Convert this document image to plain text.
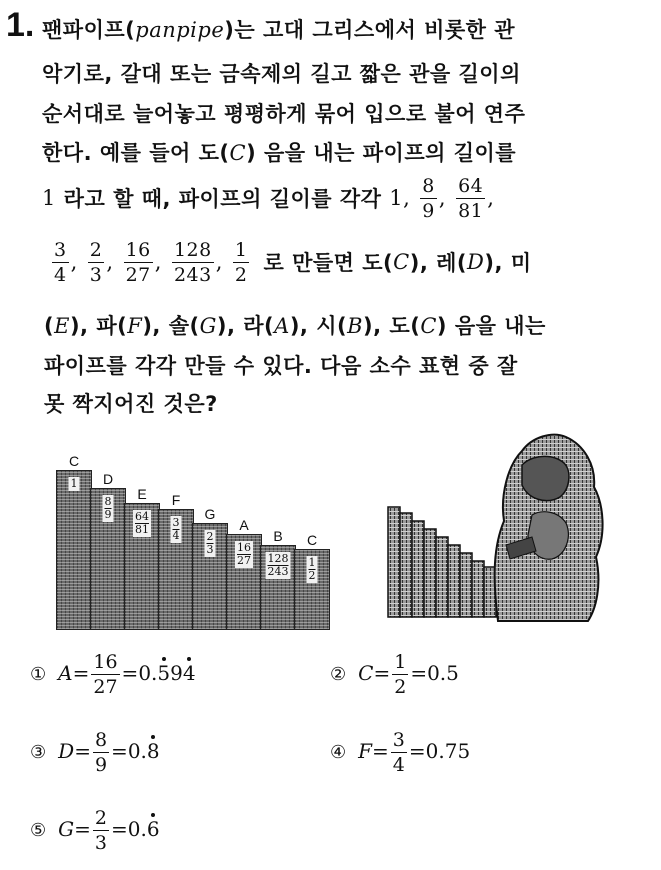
1. 팬파이프(panpipe)는 고대 그리스에서 비롯한 관
악기로, 갈대 또는 금속제의 길고 짧은 관을 길이의
순서대로 늘어놓고 평평하게 묶어 입으로 불어 연주
한다. 예를 들어 도(C) 음을 내는 파이프의 길이를
1 라고 할 때, 파이프의 길이를 각각 1, $\frac{8}{9}$ , $\frac{64}{81}$ ,
$\frac{3}{4}$ , $\frac{2}{3}$ , $\frac{16}{27}$ , $\frac{128}{243}$ , $\frac{1}{2}$ 로 만들면 도( C ), 레( D ), 미
(E), 파(F), 솔(G), 라(A), 시(B), 도(C) 음을 내는
파이프를 각각 만들 수 있다. 다음 소수 표현 중 잘
못 짝지어진 것은?
C
1	D
$\frac{8}{9}$
E
$\frac{64}{81}$
F
$\frac{3}{4}$
G
$\frac{2}{3}$
A
$\frac{16}{27}$
B
$\frac{128}{243}$
C
$\frac{1}{2}$
① $A= \frac{16}{27} =0.594$	② $C= \frac{1}{2} =0.5$
③ $D= \frac{8}{9} =0.8$	④ $F= \frac{3}{4} =0.75$
⑤ $G= \frac{2}{3} =0.6$
